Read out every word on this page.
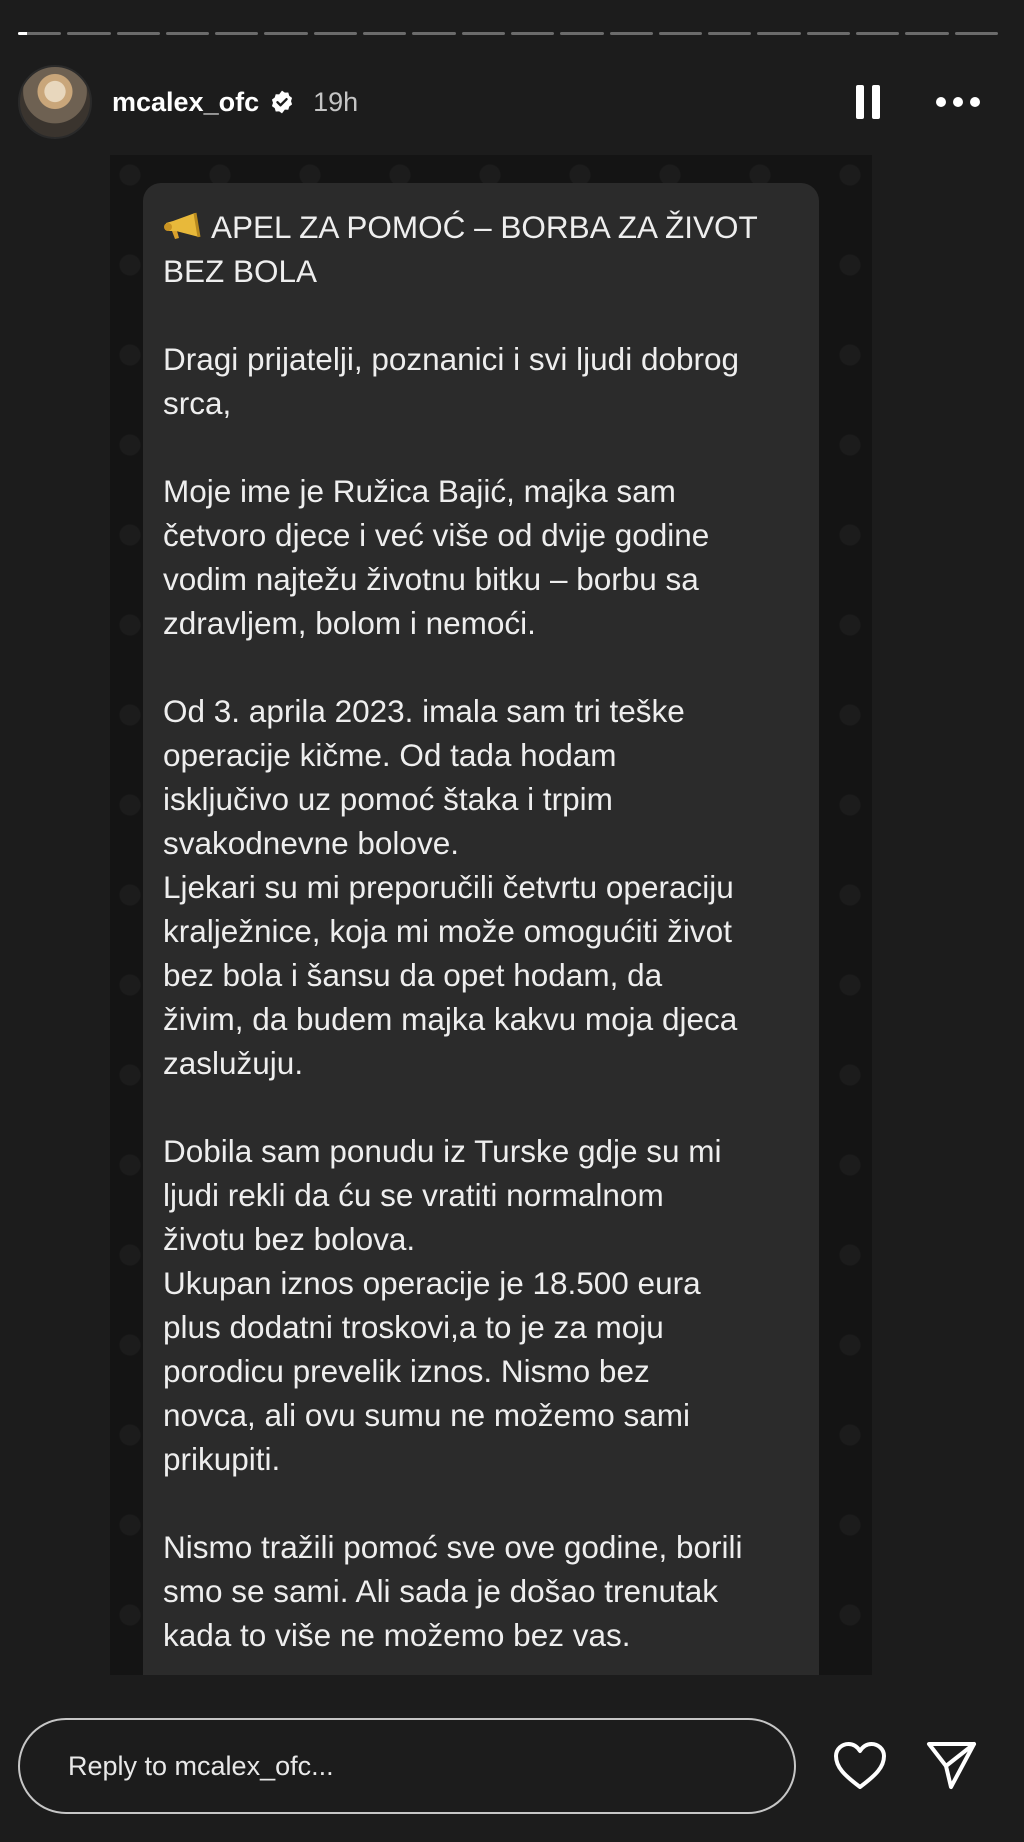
mcalex_ofc 19h
APEL ZA POMOĆ – BORBA ZA ŽIVOT
BEZ BOLA
Dragi prijatelji, poznanici i svi ljudi dobrog
srca,
Moje ime je Ružica Bajić, majka sam
četvoro djece i već više od dvije godine
vodim najtežu životnu bitku – borbu sa
zdravljem, bolom i nemoći.
Od 3. aprila 2023. imala sam tri teške
operacije kičme. Od tada hodam
isključivo uz pomoć štaka i trpim
svakodnevne bolove.
Ljekari su mi preporučili četvrtu operaciju
kralježnice, koja mi može omogućiti život
bez bola i šansu da opet hodam, da
živim, da budem majka kakvu moja djeca
zaslužuju.
Dobila sam ponudu iz Turske gdje su mi
ljudi rekli da ću se vratiti normalnom
životu bez bolova.
Ukupan iznos operacije je 18.500 eura
plus dodatni troskovi,a to je za moju
porodicu prevelik iznos. Nismo bez
novca, ali ovu sumu ne možemo sami
prikupiti.
Nismo tražili pomoć sve ove godine, borili
smo se sami. Ali sada je došao trenutak
kada to više ne možemo bez vas.
Reply to mcalex_ofc...
